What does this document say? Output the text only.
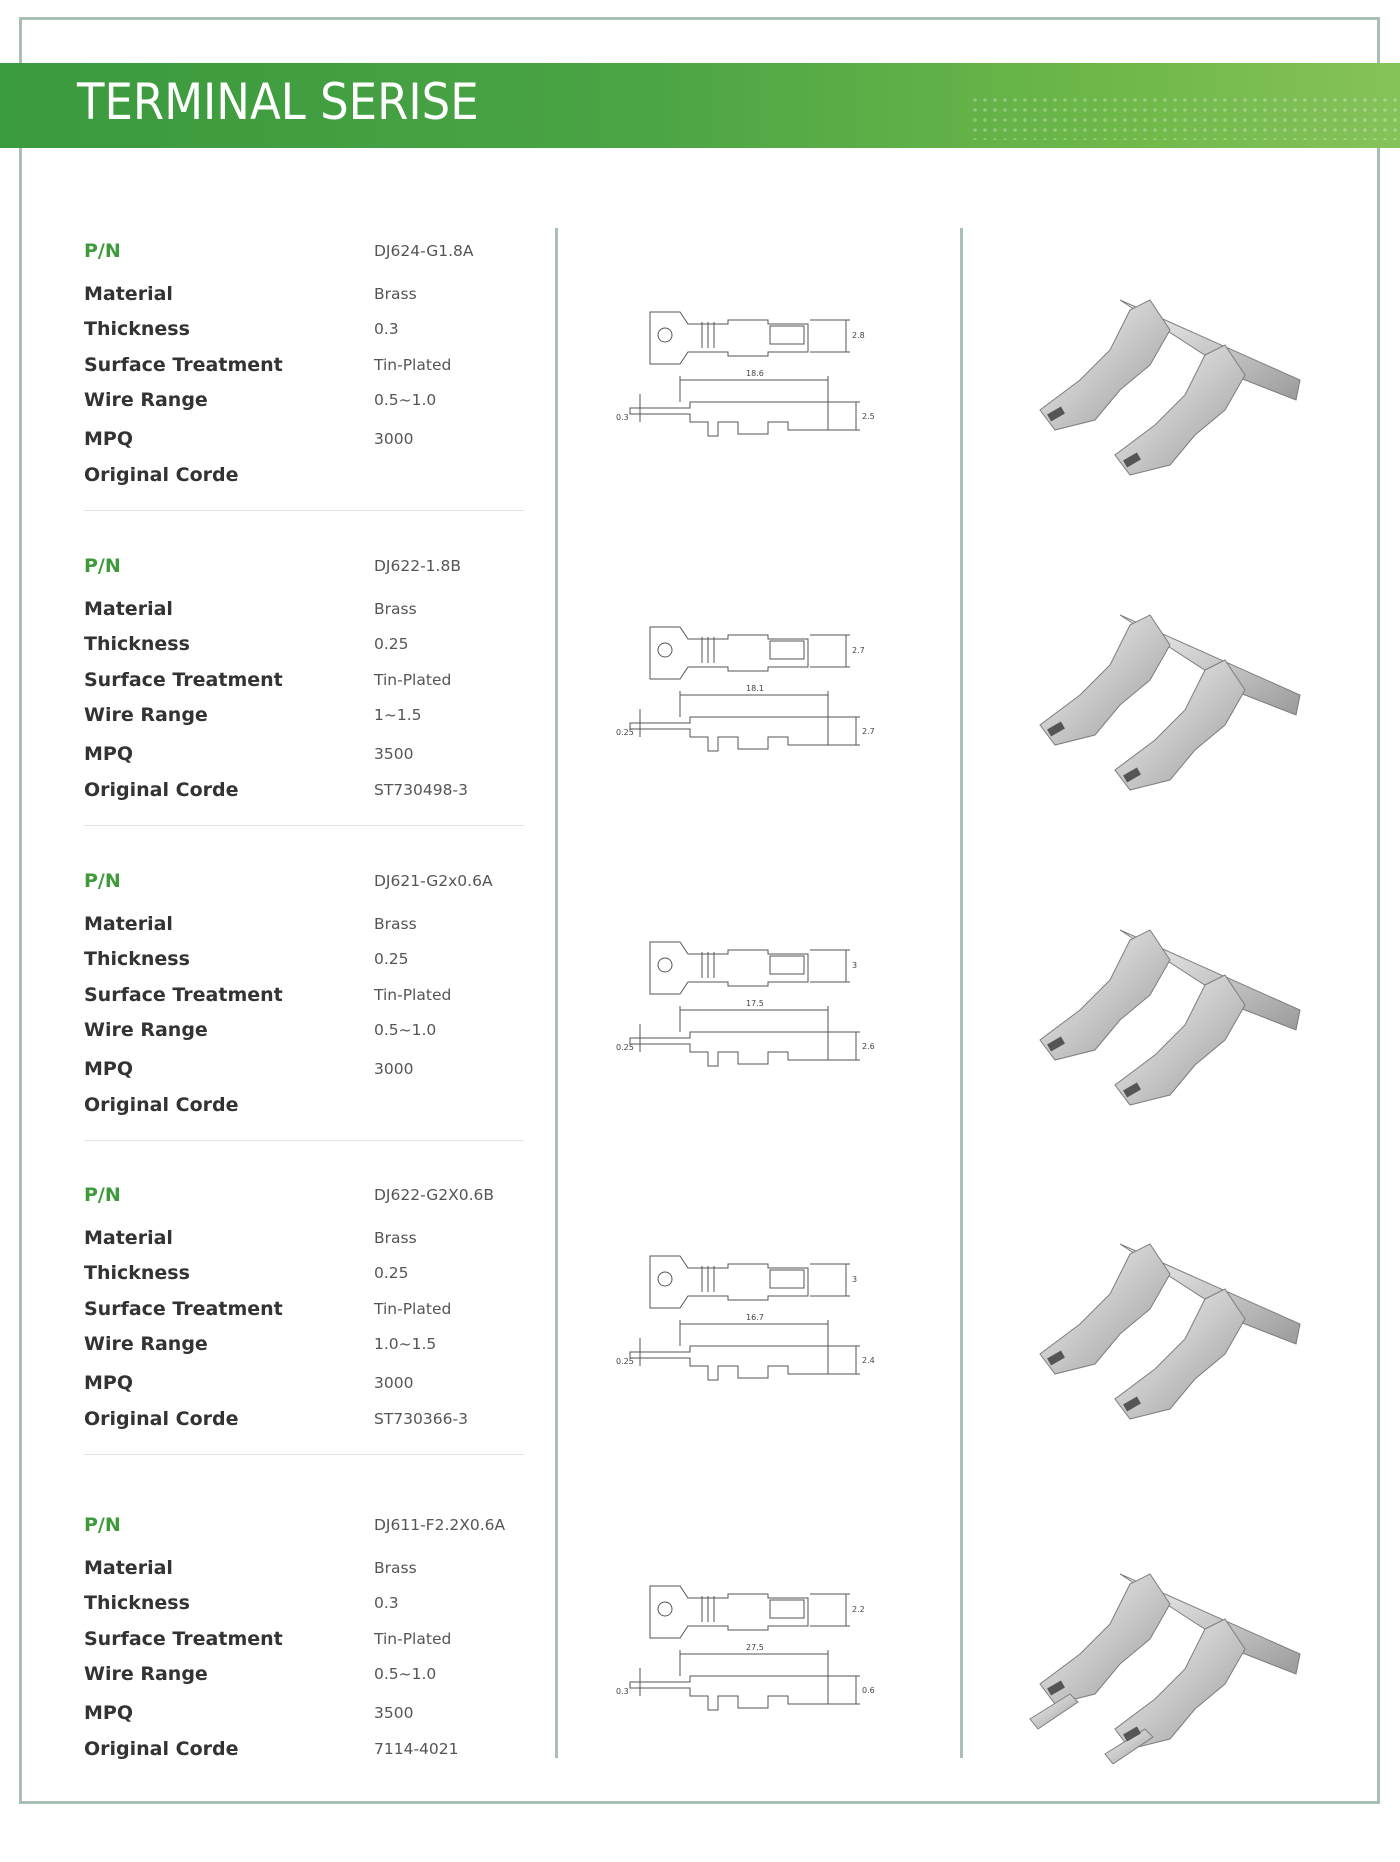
TERMINAL SERISE
P/N	DJ624-G1.8A
Material	Brass
Thickness	0.3
Surface Treatment	Tin-Plated
Wire Range	0.5~1.0
MPQ	3000
Original Corde
18.6
2.8
2.5
0.3
P/N	DJ622-1.8B
Material	Brass
Thickness	0.25
Surface Treatment	Tin-Plated
Wire Range	1~1.5
MPQ	3500
Original Corde	ST730498-3
18.1
2.7
2.7
0.25
P/N	DJ621-G2x0.6A
Material	Brass
Thickness	0.25
Surface Treatment	Tin-Plated
Wire Range	0.5~1.0
MPQ	3000
Original Corde
17.5
3
2.6
0.25
P/N	DJ622-G2X0.6B
Material	Brass
Thickness	0.25
Surface Treatment	Tin-Plated
Wire Range	1.0~1.5
MPQ	3000
Original Corde	ST730366-3
16.7
3
2.4
0.25
P/N	DJ611-F2.2X0.6A
Material	Brass
Thickness	0.3
Surface Treatment	Tin-Plated
Wire Range	0.5~1.0
MPQ	3500
Original Corde	7114-4021
27.5
2.2
0.6
0.3
